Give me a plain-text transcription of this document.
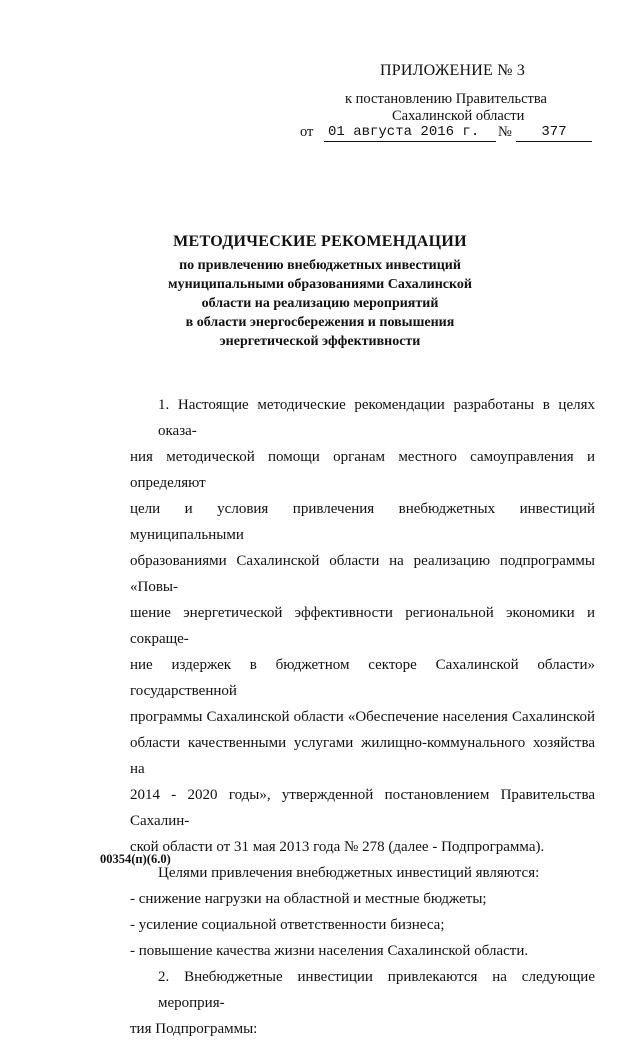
ПРИЛОЖЕНИЕ № 3
к постановлению Правительства
Сахалинской области
от 01 августа 2016 г.	№	377
МЕТОДИЧЕСКИЕ РЕКОМЕНДАЦИИ
по привлечению внебюджетных инвестиций
муниципальными образованиями Сахалинской
области на реализацию мероприятий
в области энергосбережения и повышения
энергетической эффективности
1. Настоящие методические рекомендации разработаны в целях оказа-
ния методической помощи органам местного самоуправления и определяют
цели и условия привлечения внебюджетных инвестиций муниципальными
образованиями Сахалинской области на реализацию подпрограммы «Повы-
шение энергетической эффективности региональной экономики и сокраще-
ние издержек в бюджетном секторе Сахалинской области» государственной
программы Сахалинской области «Обеспечение населения Сахалинской
области качественными услугами жилищно-коммунального хозяйства на
2014 - 2020 годы», утвержденной постановлением Правительства Сахалин-
ской области от 31 мая 2013 года № 278 (далее - Подпрограмма).
Целями привлечения внебюджетных инвестиций являются:
- снижение нагрузки на областной и местные бюджеты;
- усиление социальной ответственности бизнеса;
- повышение качества жизни населения Сахалинской области.
2. Внебюджетные инвестиции привлекаются на следующие мероприя-
тия Подпрограммы:
00354(п)(6.0)
